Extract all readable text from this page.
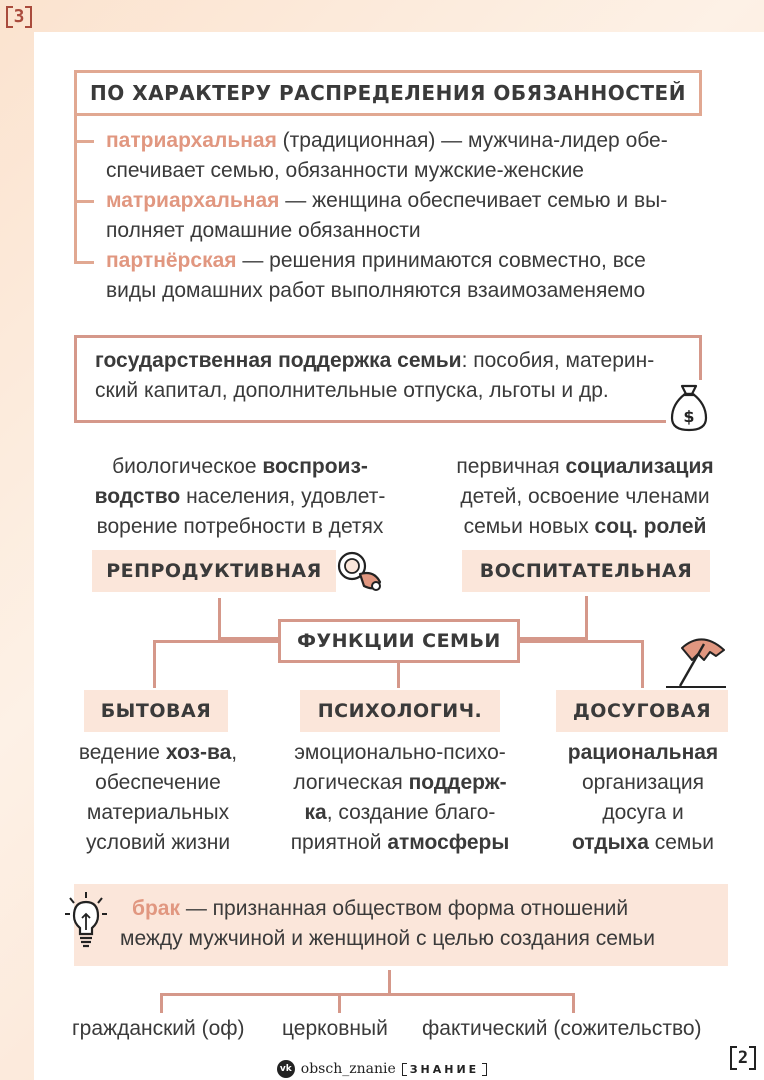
3
ПО ХАРАКТЕРУ РАСПРЕДЕЛЕНИЯ ОБЯЗАННОСТЕЙ
патриархальная (традиционная) — мужчина-лидер обе-
спечивает семью, обязанности мужские-женские
матриархальная — женщина обеспечивает семью и вы-
полняет домашние обязанности
партнёрская — решения принимаются совместно, все
виды домашних работ выполняются взаимозаменяемо
государственная поддержка семьи: пособия, материн-
ский капитал, дополнительные отпуска, льготы и др.
$
биологическое воспроиз-
водство населения, удовлет-
ворение потребности в детях
первичная социализация
детей, освоение членами
семьи новых соц. ролей
РЕПРОДУКТИВНАЯ	ВОСПИТАТЕЛЬНАЯ
ФУНКЦИИ СЕМЬИ
БЫТОВАЯ	ПСИХОЛОГИЧ.	ДОСУГОВАЯ
ведение хоз-ва,
обеспечение
материальных
условий жизни
эмоционально-психо-
логическая поддерж-
ка, создание благо-
приятной атмосферы
рациональная
организация
досуга и
отдыха семьи
брак — признанная обществом форма отношений
между мужчиной и женщиной с целью создания семьи
гражданский (оф) церковный фактический (сожительство)
vk obsch_znanie	ЗНАНИЕ
2
